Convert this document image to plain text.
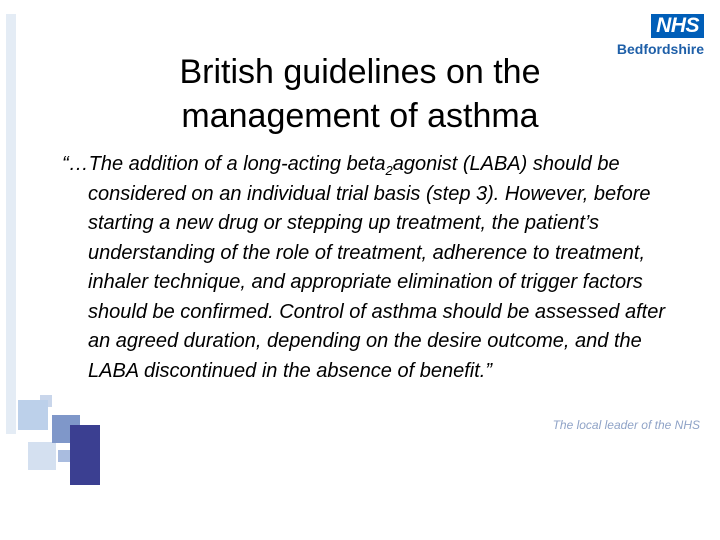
NHS
Bedfordshire
British guidelines on the
management of asthma
“…The addition of a long-acting beta$_2$agonist (LABA) should be considered on an individual trial basis (step 3). However, before starting a new drug or stepping up treatment, the patient’s understanding of the role of treatment, adherence to treatment, inhaler technique, and appropriate elimination of trigger factors should be confirmed. Control of asthma should be assessed after an agreed duration, depending on the desire outcome, and the LABA discontinued in the absence of benefit.”
The local leader of the NHS
